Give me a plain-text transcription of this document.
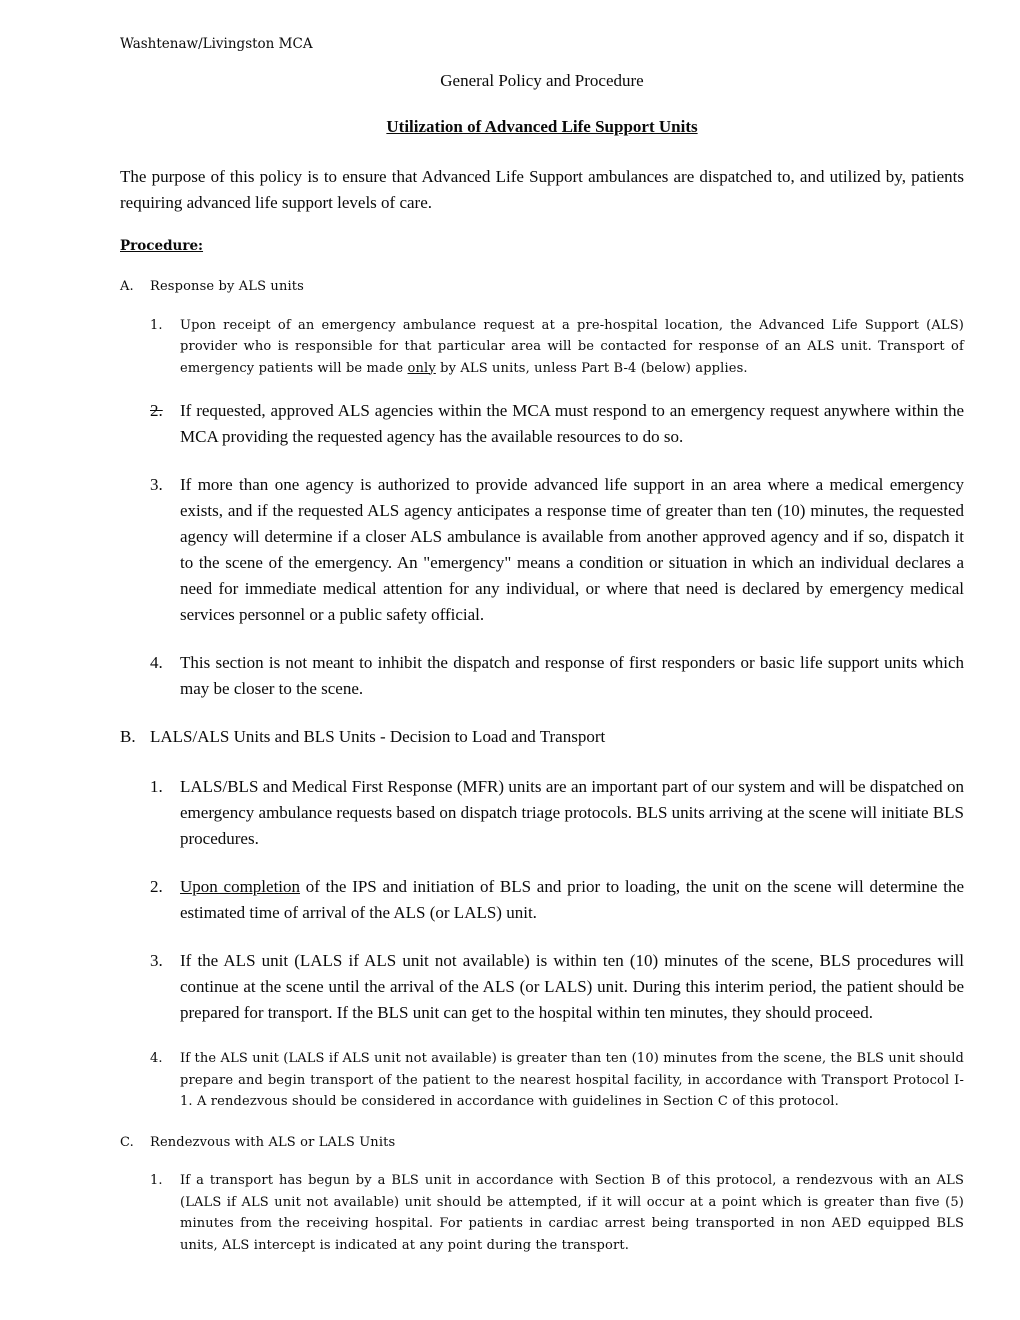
Washtenaw/Livingston MCA
General Policy and Procedure
Utilization of Advanced Life Support Units

The purpose of this policy is to ensure that Advanced Life Support ambulances are dispatched to, and utilized by, patients requiring advanced life support levels of care.

Procedure:
A.	Response by ALS units
1.	Upon receipt of an emergency ambulance request at a pre-hospital location, the Advanced Life Support (ALS) provider who is responsible for that particular area will be contacted for response of an ALS unit. Transport of emergency patients will be made only by ALS units, unless Part B-4 (below) applies.
2.	If requested, approved ALS agencies within the MCA must respond to an emergency request anywhere within the MCA providing the requested agency has the available resources to do so.
3.	If more than one agency is authorized to provide advanced life support in an area where a medical emergency exists, and if the requested ALS agency anticipates a response time of greater than ten (10) minutes, the requested agency will determine if a closer ALS ambulance is available from another approved agency and if so, dispatch it to the scene of the emergency. An "emergency" means a condition or situation in which an individual declares a need for immediate medical attention for any individual, or where that need is declared by emergency medical services personnel or a public safety official.
4.	This section is not meant to inhibit the dispatch and response of first responders or basic life support units which may be closer to the scene.
B. LALS/ALS Units and BLS Units - Decision to Load and Transport
1.	LALS/BLS and Medical First Response (MFR) units are an important part of our system and will be dispatched on emergency ambulance requests based on dispatch triage protocols. BLS units arriving at the scene will initiate BLS procedures.
2.	Upon completion of the IPS and initiation of BLS and prior to loading, the unit on the scene will determine the estimated time of arrival of the ALS (or LALS) unit.
3.	If the ALS unit (LALS if ALS unit not available) is within ten (10) minutes of the scene, BLS procedures will continue at the scene until the arrival of the ALS (or LALS) unit. During this interim period, the patient should be prepared for transport. If the BLS unit can get to the hospital within ten minutes, they should proceed.
4.	If the ALS unit (LALS if ALS unit not available) is greater than ten (10) minutes from the scene, the BLS unit should prepare and begin transport of the patient to the nearest hospital facility, in accordance with Transport Protocol I-1. A rendezvous should be considered in accordance with guidelines in Section C of this protocol.
C.	Rendezvous with ALS or LALS Units
1.	If a transport has begun by a BLS unit in accordance with Section B of this protocol, a rendezvous with an ALS (LALS if ALS unit not available) unit should be attempted, if it will occur at a point which is greater than five (5) minutes from the receiving hospital. For patients in cardiac arrest being transported in non AED equipped BLS units, ALS intercept is indicated at any point during the transport.
